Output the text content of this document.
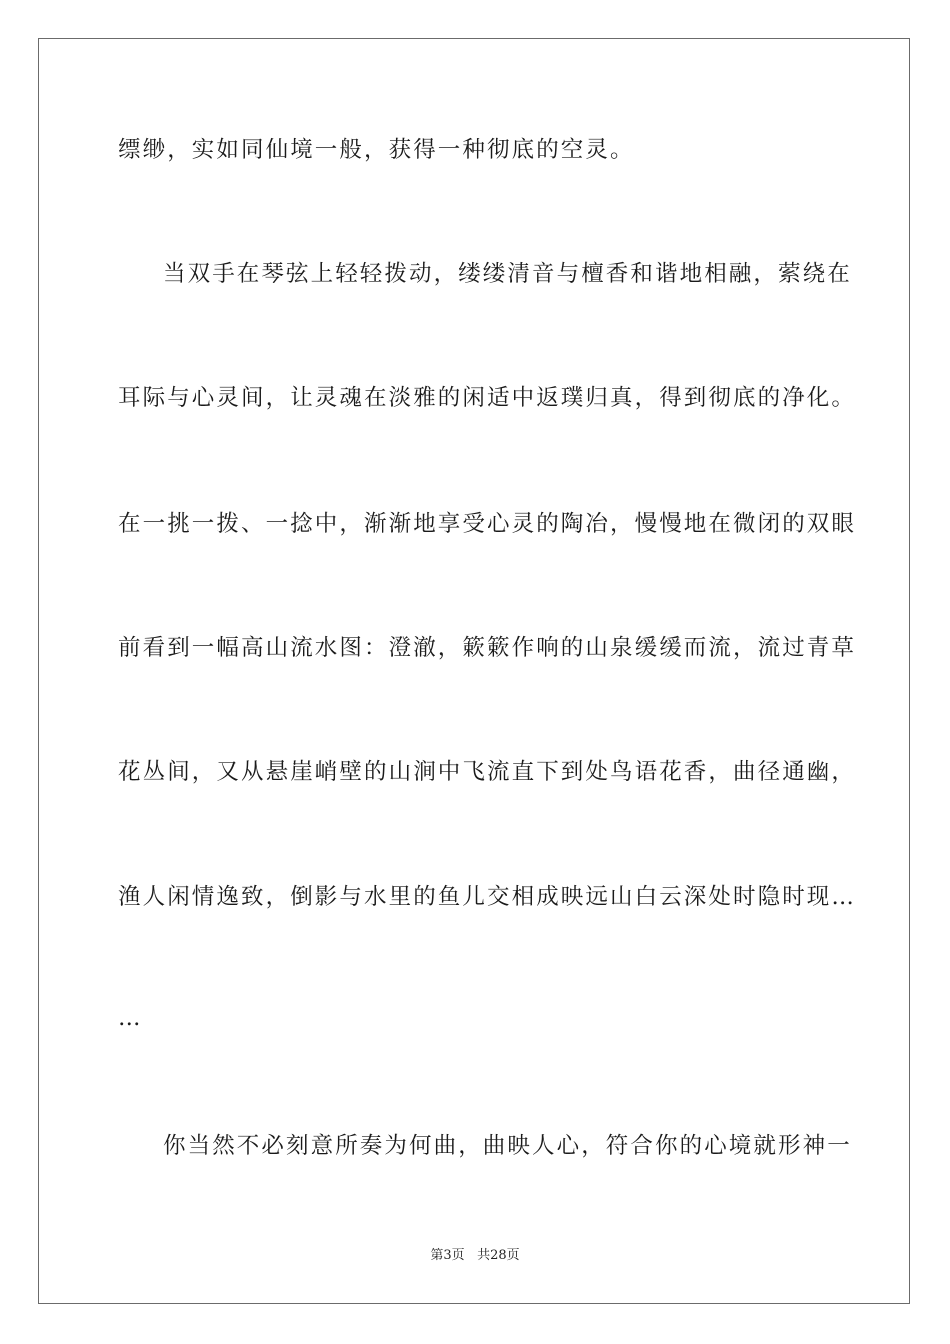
缥缈，实如同仙境一般，获得一种彻底的空灵。
当双手在琴弦上轻轻拨动，缕缕清音与檀香和谐地相融，萦绕在
耳际与心灵间，让灵魂在淡雅的闲适中返璞归真，得到彻底的净化。
在一挑一拨、一捻中，渐渐地享受心灵的陶冶，慢慢地在微闭的双眼
前看到一幅高山流水图：澄澈，簌簌作响的山泉缓缓而流，流过青草
花丛间，又从悬崖峭壁的山涧中飞流直下到处鸟语花香，曲径通幽，
渔人闲情逸致，倒影与水里的鱼儿交相成映远山白云深处时隐时现…
…
你当然不必刻意所奏为何曲，曲映人心，符合你的心境就形神一
第3页 共28页
